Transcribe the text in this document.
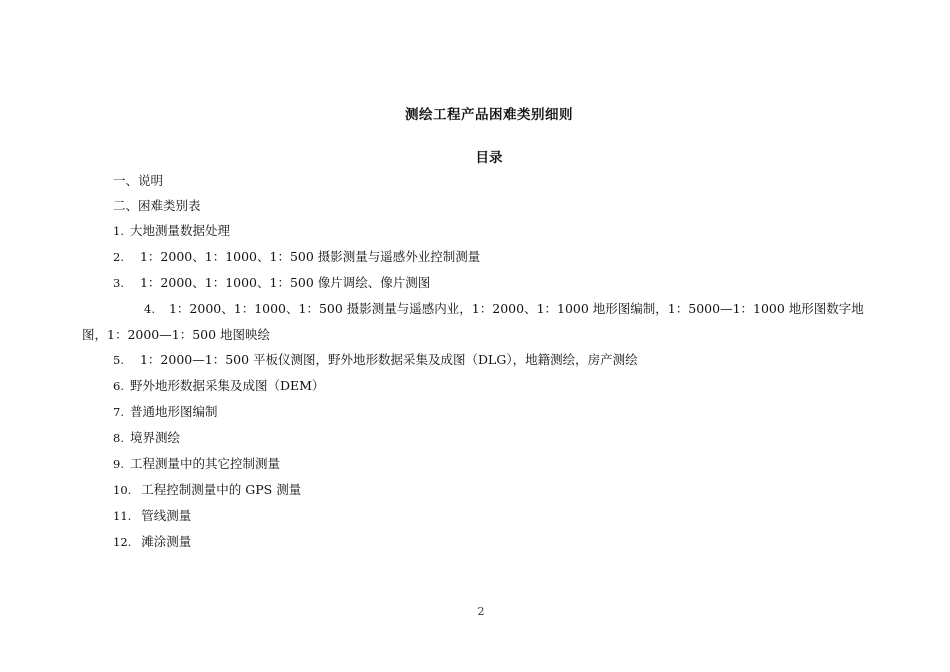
测绘工程产品困难类别细则
目录
一、说明
二、困难类别表
1. 大地测量数据处理
2. 1：2000、1：1000、1：500 摄影测量与遥感外业控制测量
3. 1：2000、1：1000、1：500 像片调绘、像片测图
4. 1：2000、1：1000、1：500 摄影测量与遥感内业，1：2000、1：1000 地形图编制，1：5000—1：1000 地形图数字地图，1：2000—1：500 地图映绘
5. 1：2000—1：500 平板仪测图，野外地形数据采集及成图（DLG），地籍测绘，房产测绘
6. 野外地形数据采集及成图（DEM）
7. 普通地形图编制
8. 境界测绘
9. 工程测量中的其它控制测量
10. 工程控制测量中的 GPS 测量
11. 管线测量
12. 滩涂测量
2
